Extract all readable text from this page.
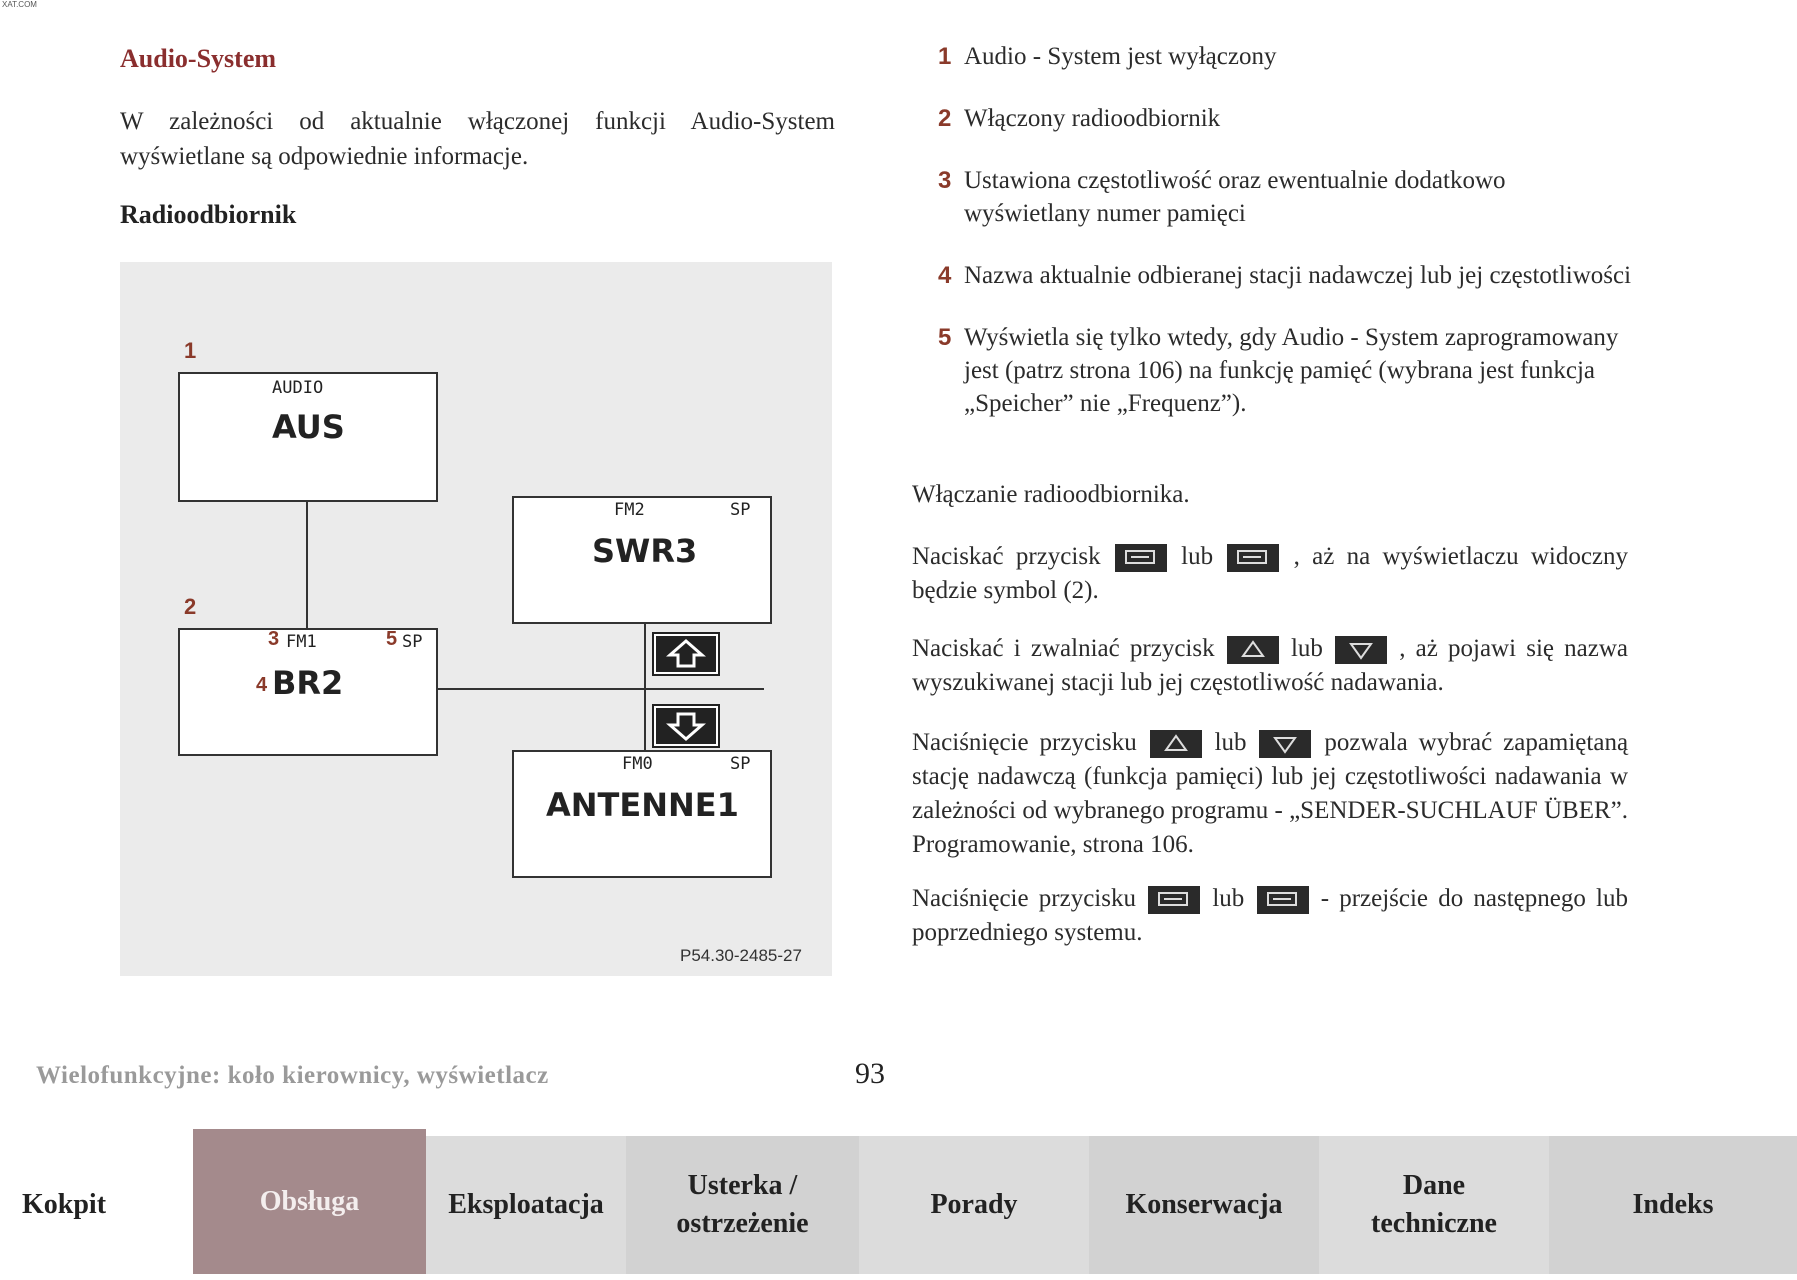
XAT.COM
Audio-System

W zależności od aktualnie włączonej funkcji Audio-System wyświetlane są odpowiednie informacje.

Radioodbiornik
1
2
AUDIO
AUS
3 FM1	5 SP
4 BR2
FM2	SP
SWR3
FM0	SP
ANTENNE1
P54.30-2485-27
1 Audio - System jest wyłączony
2 Włączony radioodbiornik
3 Ustawiona częstotliwość oraz ewentualnie dodatkowo wyświetlany numer pamięci
4 Nazwa aktualnie odbieranej stacji nadawczej lub jej częstotliwości
5 Wyświetla się tylko wtedy, gdy Audio - System zaprogramowany jest (patrz strona 106) na funkcję pamięć (wybrana jest funkcja „Speicher” nie „Frequenz”).

Włączanie radioodbiornika.

Naciskać przycisk	lub	, aż na wyświetlaczu widoczny będzie symbol (2).

Naciskać i zwalniać przycisk	lub	, aż pojawi się nazwa wyszukiwanej stacji lub jej częstotliwość nadawania.

Naciśnięcie przycisku	lub	pozwala wybrać zapamiętaną stację nadawczą (funkcja pamięci) lub jej częstotliwości nadawania w zależności od wybranego programu - „SENDER-SUCHLAUF ÜBER”. Programowanie, strona 106.

Naciśnięcie przycisku	lub	- przejście do następnego lub poprzedniego systemu.

Wielofunkcyjne: koło kierownicy, wyświetlacz	93
Kokpit	Obsługa	Eksploatacja
Usterka /
ostrzeżenie
Porady	Konserwacja
Dane
techniczne
Indeks
